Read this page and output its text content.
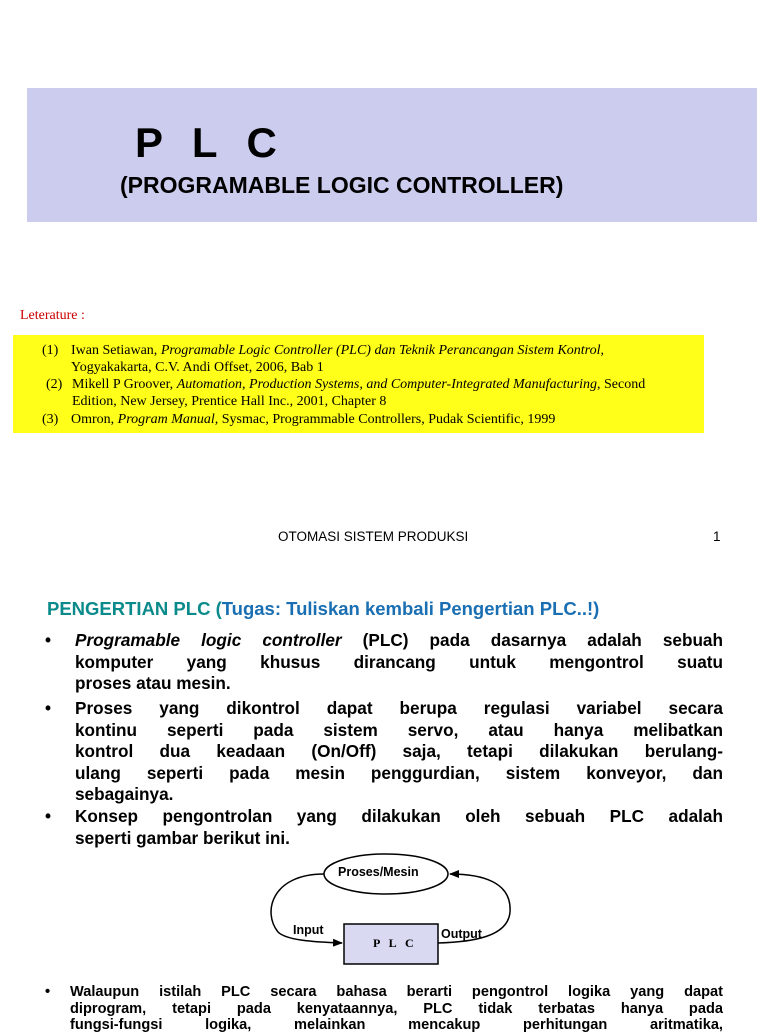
P L C
(PROGRAMABLE LOGIC CONTROLLER)
Leterature :
(1) Iwan Setiawan, Programable Logic Controller (PLC) dan Teknik Perancangan Sistem Kontrol,
Yogyakakarta, C.V. Andi Offset, 2006, Bab 1
(2) Mikell P Groover, Automation, Production Systems, and Computer-Integrated Manufacturing, Second
Edition, New Jersey, Prentice Hall Inc., 2001, Chapter 8
(3) Omron, Program Manual, Sysmac, Programmable Controllers, Pudak Scientific, 1999
OTOMASI SISTEM PRODUKSI	1
PENGERTIAN PLC (Tugas: Tuliskan kembali Pengertian PLC..!)
• Programable logic controller (PLC) pada dasarnya adalah sebuah
komputer yang khusus dirancang untuk mengontrol suatu
proses atau mesin.
• Proses yang dikontrol dapat berupa regulasi variabel secara
kontinu seperti pada sistem servo, atau hanya melibatkan
kontrol dua keadaan (On/Off) saja, tetapi dilakukan berulang-
ulang seperti pada mesin penggurdian, sistem konveyor, dan
sebagainya.
• Konsep pengontrolan yang dilakukan oleh sebuah PLC adalah
seperti gambar berikut ini.
Proses/Mesin
P L C
Input	Output
• Walaupun istilah PLC secara bahasa berarti pengontrol logika yang dapat
diprogram, tetapi pada kenyataannya, PLC tidak terbatas hanya pada
fungsi-fungsi logika, melainkan mencakup perhitungan aritmatika,
